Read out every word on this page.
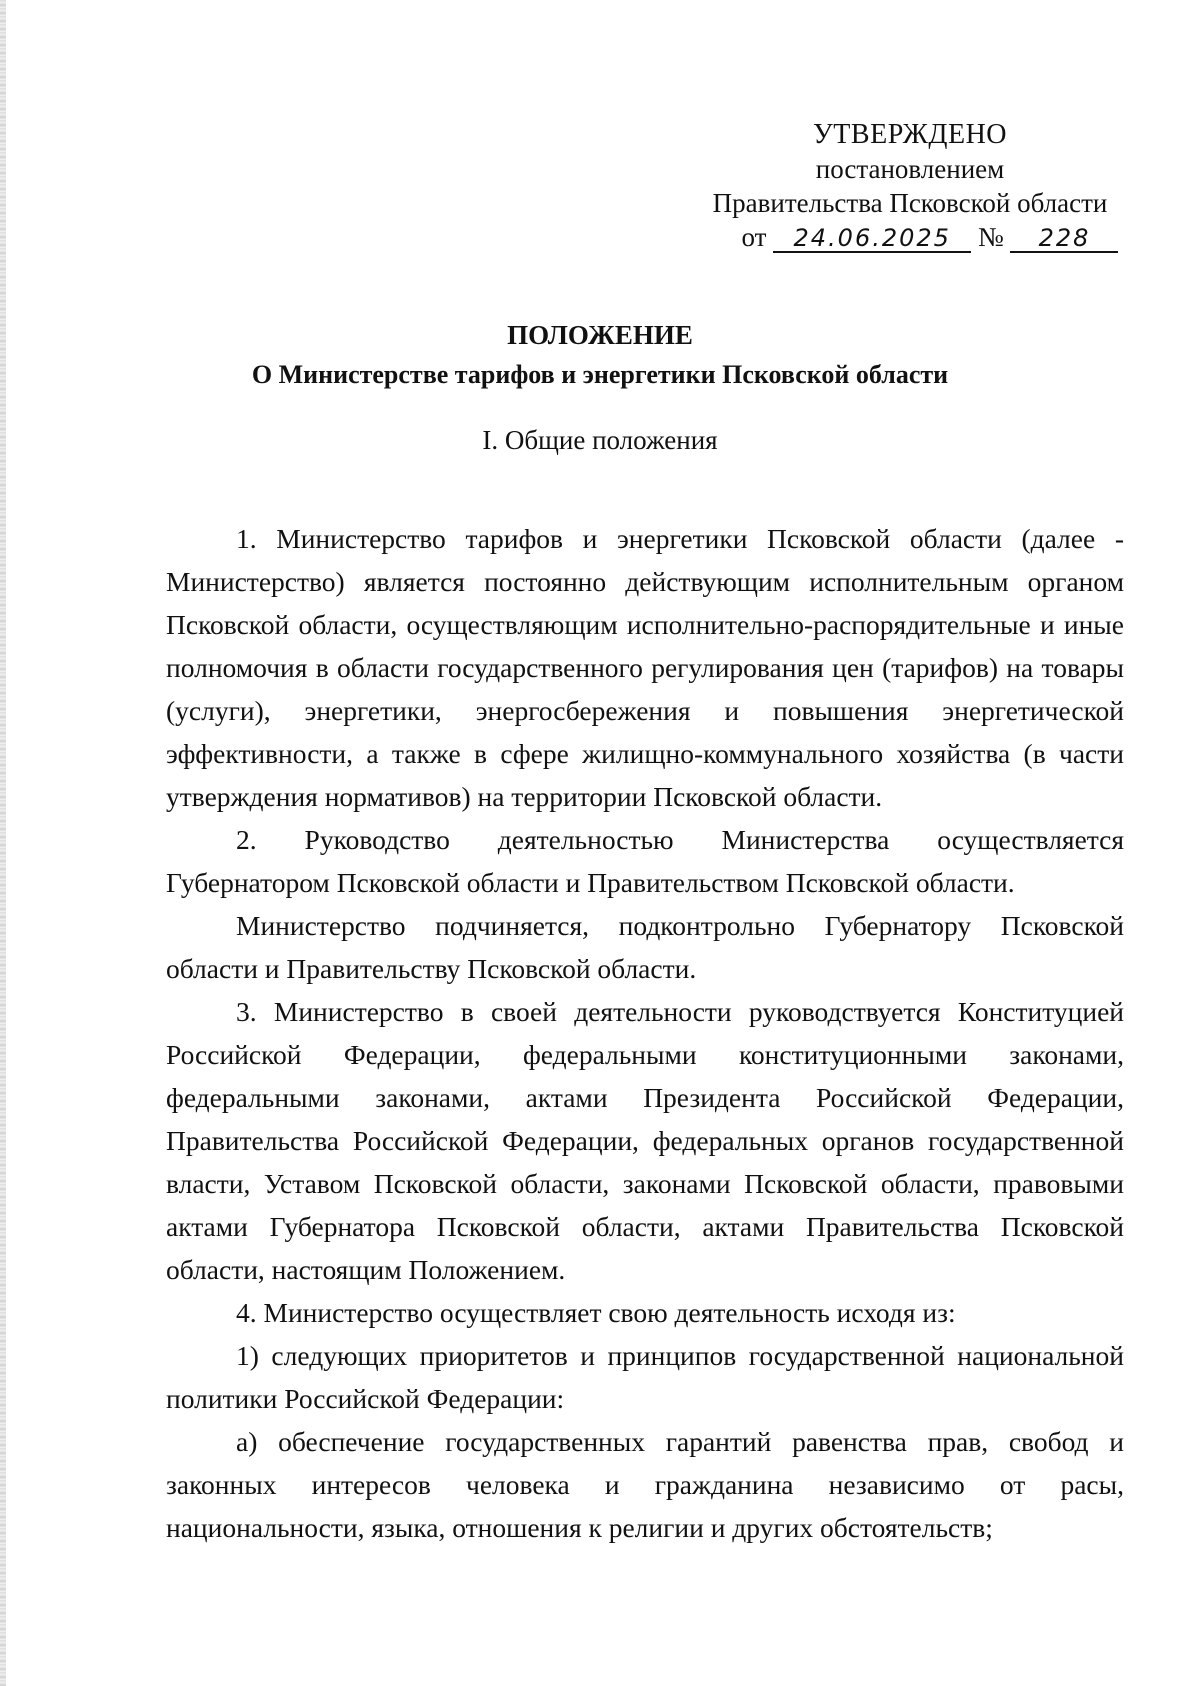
УТВЕРЖДЕНО
постановлением
Правительства Псковской области
от 24.06.2025 № 228
ПОЛОЖЕНИЕ
О Министерстве тарифов и энергетики Псковской области
I. Общие положения

1. Министерство тарифов и энергетики Псковской области (далее - Министерство) является постоянно действующим исполнительным органом Псковской области, осуществляющим исполнительно-распорядительные и иные полномочия в области государственного регулирования цен (тарифов) на товары (услуги), энергетики, энергосбережения и повышения энергетической эффективности, а также в сфере жилищно-коммунального хозяйства (в части утверждения нормативов) на территории Псковской области.

2. Руководство деятельностью Министерства осуществляется Губернатором Псковской области и Правительством Псковской области.

Министерство подчиняется, подконтрольно Губернатору Псковской области и Правительству Псковской области.

3. Министерство в своей деятельности руководствуется Конституцией Российской Федерации, федеральными конституционными законами, федеральными законами, актами Президента Российской Федерации, Правительства Российской Федерации, федеральных органов государственной власти, Уставом Псковской области, законами Псковской области, правовыми актами Губернатора Псковской области, актами Правительства Псковской области, настоящим Положением.

4. Министерство осуществляет свою деятельность исходя из:

1) следующих приоритетов и принципов государственной национальной политики Российской Федерации:

а) обеспечение государственных гарантий равенства прав, свобод и законных интересов человека и гражданина независимо от расы, национальности, языка, отношения к религии и других обстоятельств;
